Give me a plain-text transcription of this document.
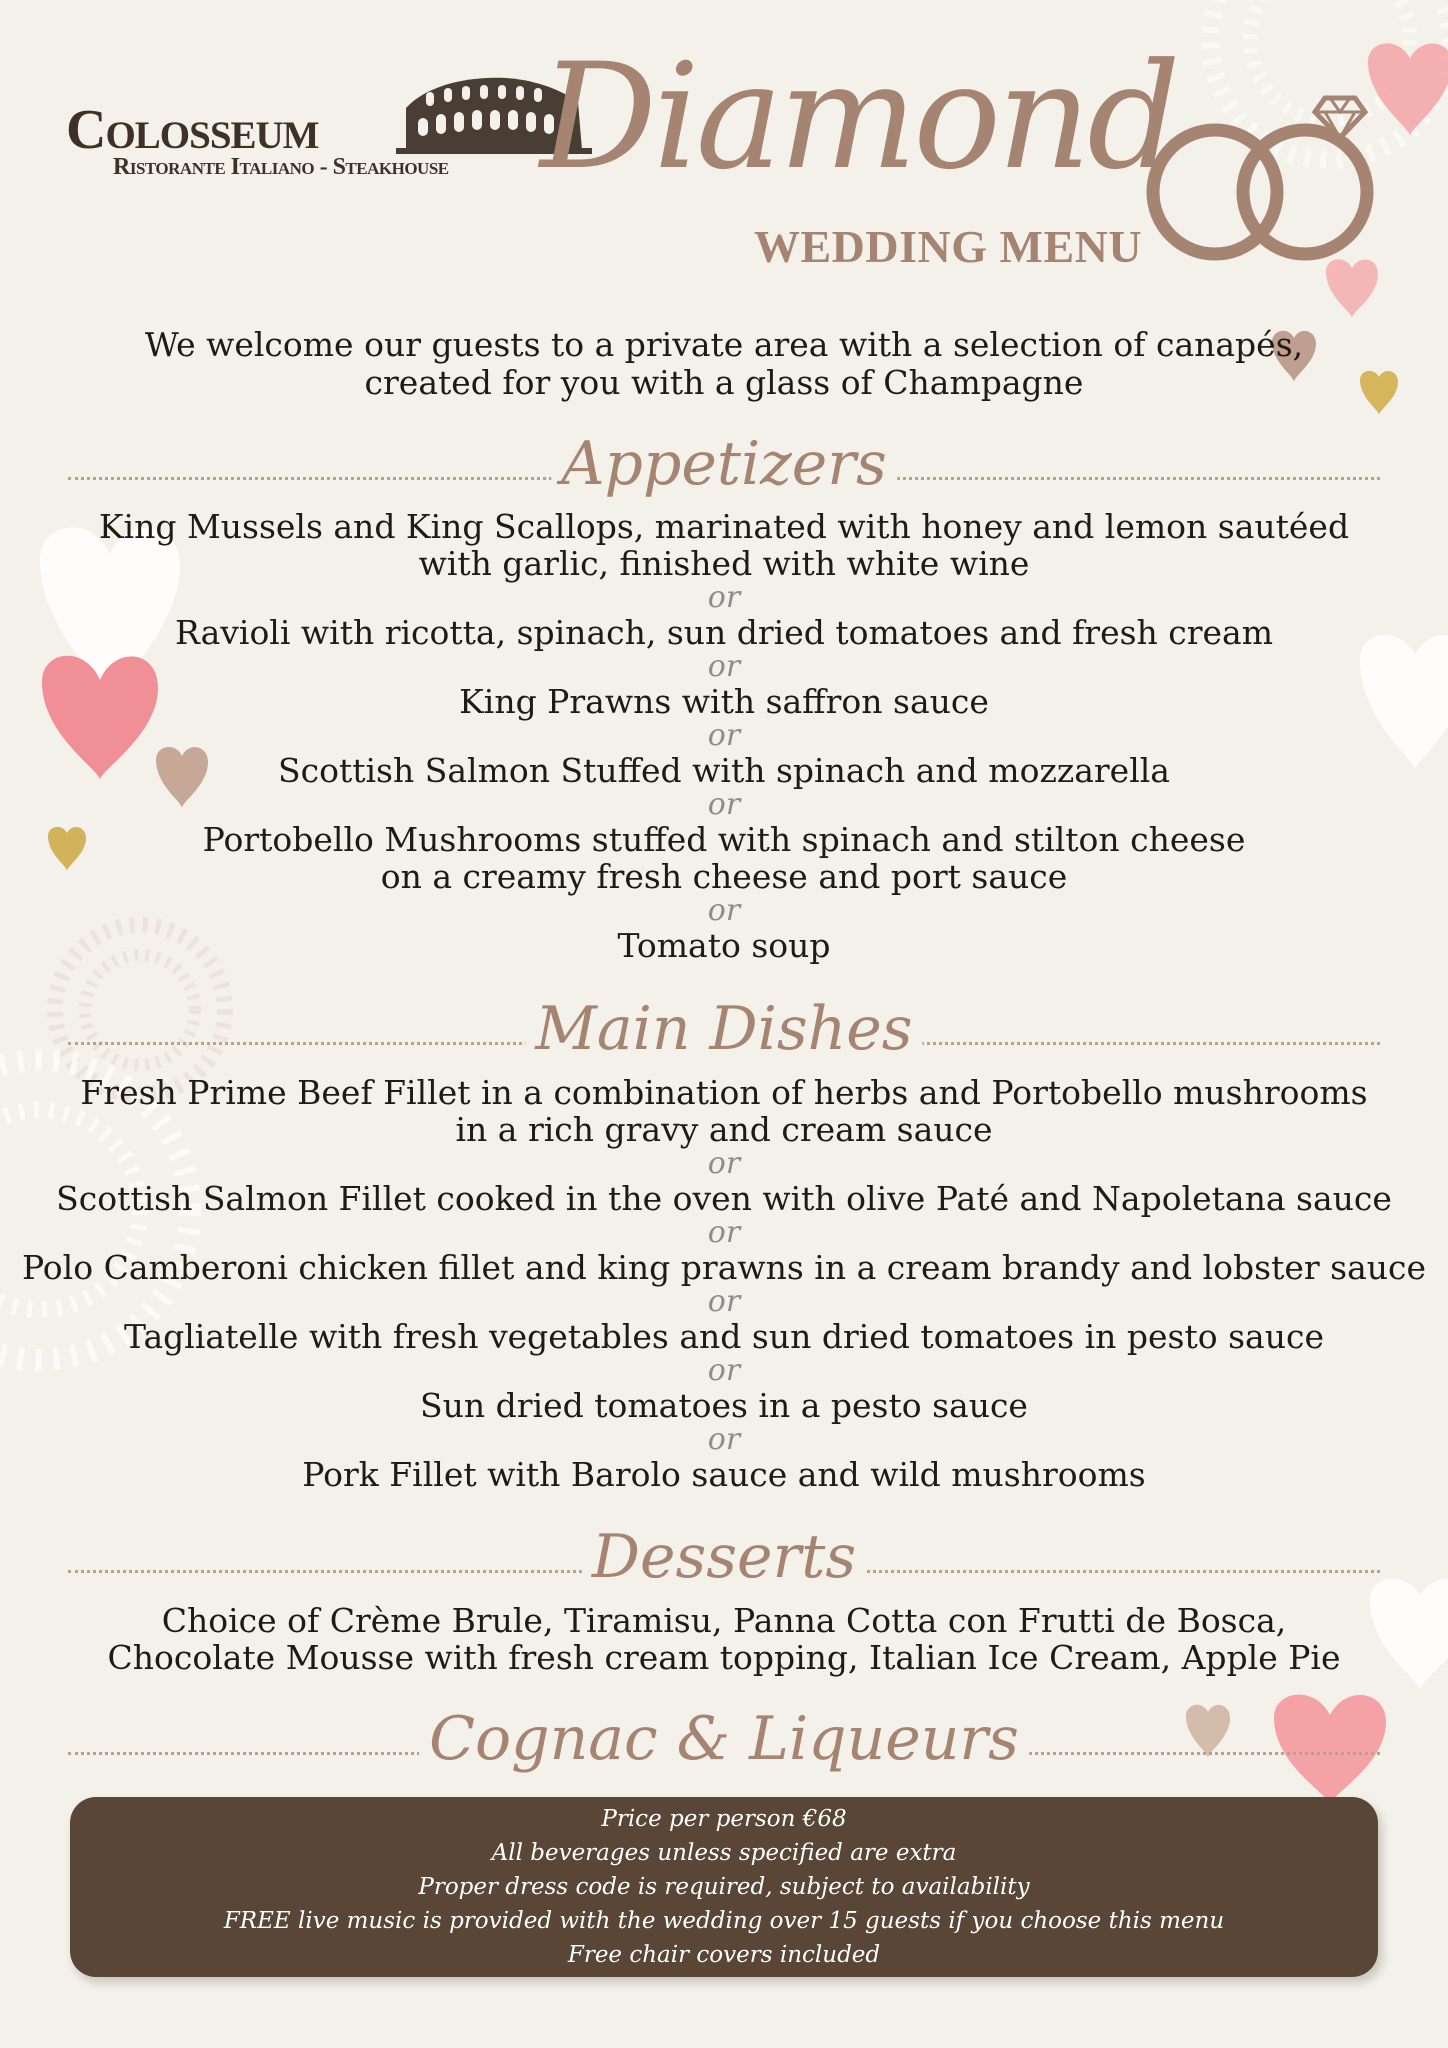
Colosseum
Ristorante Italiano - Steakhouse Diamond
WEDDING MENU
We welcome our guests to a private area with a selection of canapés,
created for you with a glass of Champagne
Appetizers
King Mussels and King Scallops, marinated with honey and lemon sautéed
with garlic, finished with white wine
or
Ravioli with ricotta, spinach, sun dried tomatoes and fresh cream
or
King Prawns with saffron sauce
or
Scottish Salmon Stuffed with spinach and mozzarella
or
Portobello Mushrooms stuffed with spinach and stilton cheese
on a creamy fresh cheese and port sauce
or
Tomato soup
Main Dishes
Fresh Prime Beef Fillet in a combination of herbs and Portobello mushrooms
in a rich gravy and cream sauce
or
Scottish Salmon Fillet cooked in the oven with olive Paté and Napoletana sauce
or
Polo Camberoni chicken fillet and king prawns in a cream brandy and lobster sauce
or
Tagliatelle with fresh vegetables and sun dried tomatoes in pesto sauce
or
Sun dried tomatoes in a pesto sauce
or
Pork Fillet with Barolo sauce and wild mushrooms
Desserts
Choice of Crème Brule, Tiramisu, Panna Cotta con Frutti de Bosca,
Chocolate Mousse with fresh cream topping, Italian Ice Cream, Apple Pie
Cognac & Liqueurs
Price per person €68
All beverages unless specified are extra
Proper dress code is required, subject to availability
FREE live music is provided with the wedding over 15 guests if you choose this menu
Free chair covers included
